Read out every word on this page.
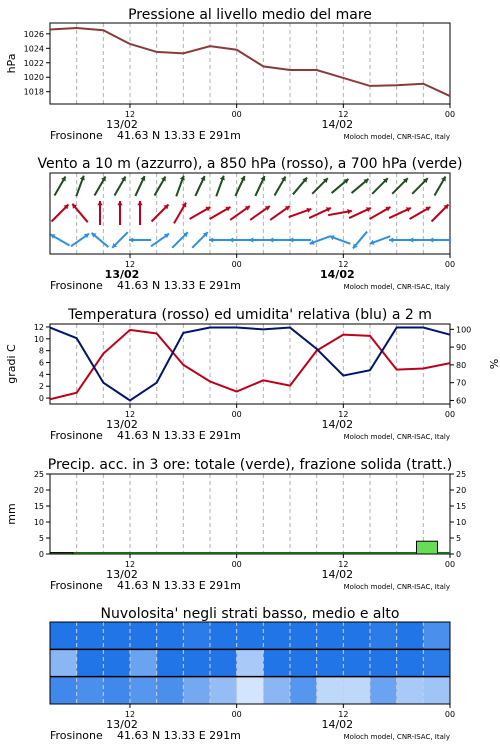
Pressione al livello medio del mare
12	00	12	00
13/02	14/02
Frosinone 41.63 N 13.33 E 291m	Moloch model, CNR-ISAC, Italy
1018
1020
1022
1024
1026
hPa
Vento a 10 m (azzurro), a 850 hPa (rosso), a 700 hPa (verde)
12	00	12	00
13/02	14/02
Frosinone 41.63 N 13.33 E 291m	Moloch model, CNR-ISAC, Italy
Temperatura (rosso) ed umidita' relativa (blu) a 2 m
12	00	12	00
13/02	14/02
Frosinone 41.63 N 13.33 E 291m	Moloch model, CNR-ISAC, Italy
0
2
4
6
8
10
12
60
70
80
90
100
gradi C	%
Precip. acc. in 3 ore: totale (verde), frazione solida (tratt.)
12	00	12	00
13/02	14/02
Frosinone 41.63 N 13.33 E 291m	Moloch model, CNR-ISAC, Italy
0	0
5	5
10	10
15	15
20	20
25	25
mm
Nuvolosita' negli strati basso, medio e alto
12	00	12	00
13/02	14/02
Frosinone 41.63 N 13.33 E 291m	Moloch model, CNR-ISAC, Italy
